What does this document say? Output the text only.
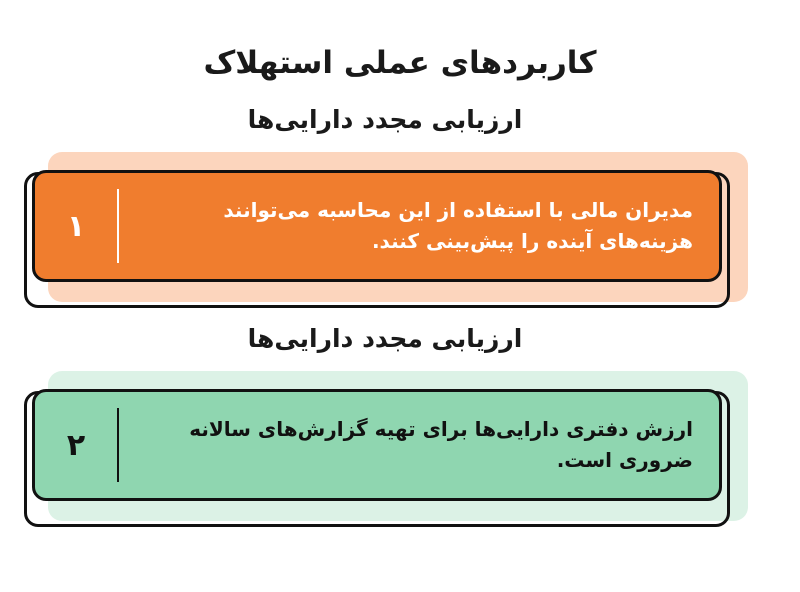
کاربردهای عملی استهلاک
ارزیابی مجدد دارایی‌ها
مدیران مالی با استفاده از این محاسبه می‌توانند هزینه‌های آینده را پیش‌بینی کنند.
۱
ارزیابی مجدد دارایی‌ها
ارزش دفتری دارایی‌ها برای تهیه گزارش‌های سالانه ضروری است.
۲
